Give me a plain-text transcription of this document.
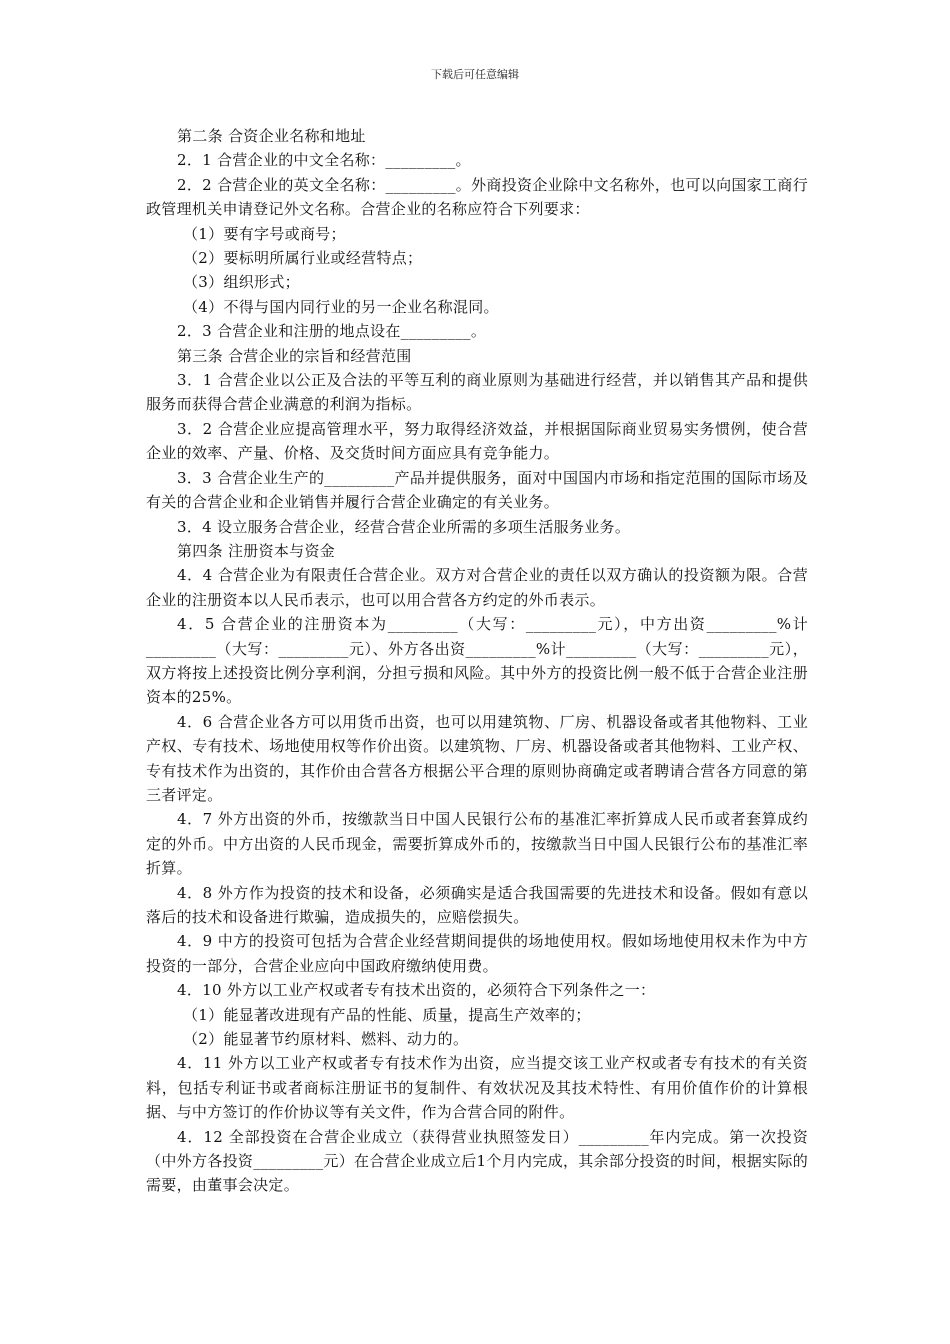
下载后可任意编辑

第二条 合资企业名称和地址

2．1 合营企业的中文全名称：_________。

2．2 合营企业的英文全名称：_________。外商投资企业除中文名称外，也可以向国家工商行政管理机关申请登记外文名称。合营企业的名称应符合下列要求：

（1）要有字号或商号；

（2）要标明所属行业或经营特点；

（3）组织形式；

（4）不得与国内同行业的另一企业名称混同。

2．3 合营企业和注册的地点设在_________。

第三条 合营企业的宗旨和经营范围

3．1 合营企业以公正及合法的平等互利的商业原则为基础进行经营，并以销售其产品和提供服务而获得合营企业满意的利润为指标。

3．2 合营企业应提高管理水平，努力取得经济效益，并根据国际商业贸易实务惯例，使合营企业的效率、产量、价格、及交货时间方面应具有竞争能力。

3．3 合营企业生产的_________产品并提供服务，面对中国国内市场和指定范围的国际市场及有关的合营企业和企业销售并履行合营企业确定的有关业务。

3．4 设立服务合营企业，经营合营企业所需的多项生活服务业务。

第四条 注册资本与资金

4．4 合营企业为有限责任合营企业。双方对合营企业的责任以双方确认的投资额为限。合营企业的注册资本以人民币表示，也可以用合营各方约定的外币表示。

4．5 合营企业的注册资本为_________（大写：_________元），中方出资_________%计_________（大写：_________元）、外方各出资_________%计_________（大写：_________元），双方将按上述投资比例分享利润，分担亏损和风险。其中外方的投资比例一般不低于合营企业注册资本的25%。

4．6 合营企业各方可以用货币出资，也可以用建筑物、厂房、机器设备或者其他物料、工业产权、专有技术、场地使用权等作价出资。以建筑物、厂房、机器设备或者其他物料、工业产权、专有技术作为出资的，其作价由合营各方根据公平合理的原则协商确定或者聘请合营各方同意的第三者评定。

4．7 外方出资的外币，按缴款当日中国人民银行公布的基准汇率折算成人民币或者套算成约定的外币。中方出资的人民币现金，需要折算成外币的，按缴款当日中国人民银行公布的基准汇率折算。

4．8 外方作为投资的技术和设备，必须确实是适合我国需要的先进技术和设备。假如有意以落后的技术和设备进行欺骗，造成损失的，应赔偿损失。

4．9 中方的投资可包括为合营企业经营期间提供的场地使用权。假如场地使用权未作为中方投资的一部分，合营企业应向中国政府缴纳使用费。

4．10 外方以工业产权或者专有技术出资的，必须符合下列条件之一：

（1）能显著改进现有产品的性能、质量，提高生产效率的；

（2）能显著节约原材料、燃料、动力的。

4．11 外方以工业产权或者专有技术作为出资，应当提交该工业产权或者专有技术的有关资料，包括专利证书或者商标注册证书的复制件、有效状况及其技术特性、有用价值作价的计算根据、与中方签订的作价协议等有关文件，作为合营合同的附件。

4．12 全部投资在合营企业成立（获得营业执照签发日）_________年内完成。第一次投资（中外方各投资_________元）在合营企业成立后1个月内完成，其余部分投资的时间，根据实际的需要，由董事会决定。
